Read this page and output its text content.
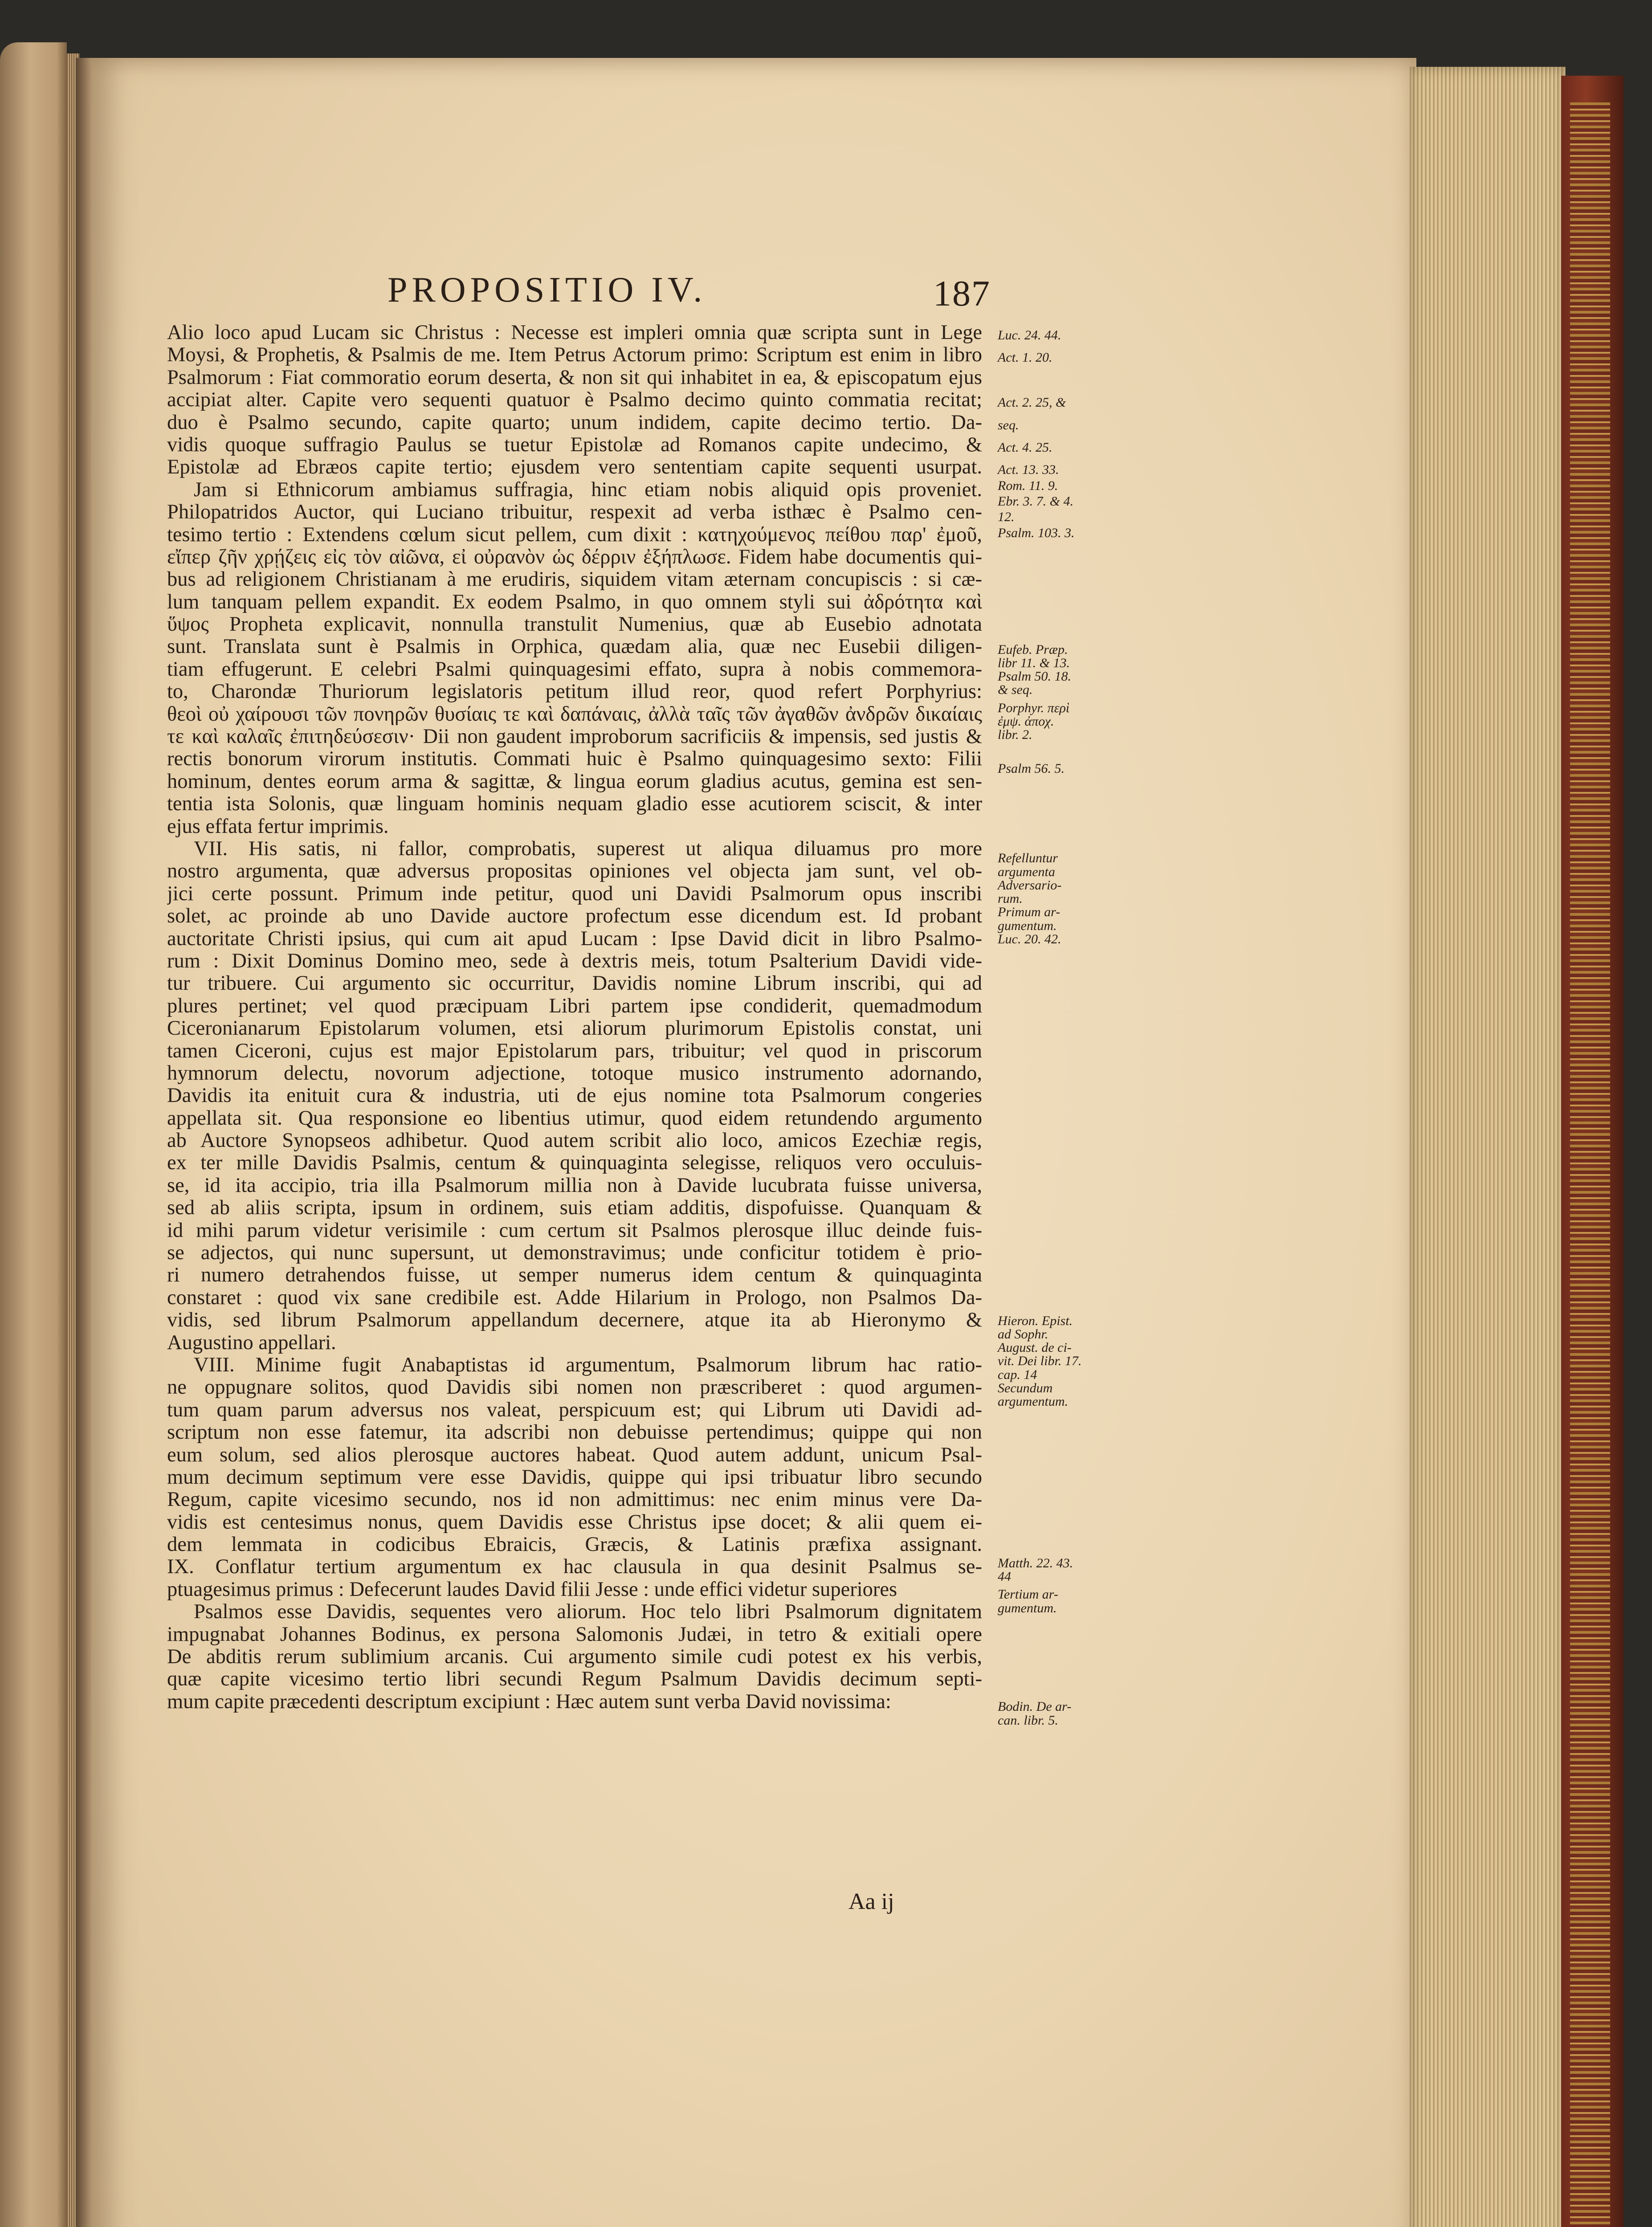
PROPOSITIO IV.	187
Alio loco apud Lucam sic Christus : Necesse est impleri omnia quæ scripta sunt in Lege
Moysi, & Prophetis, & Psalmis de me. Item Petrus Actorum primo: Scriptum est enim in libro
Psalmorum : Fiat commoratio eorum deserta, & non sit qui inhabitet in ea, & episcopatum ejus
accipiat alter. Capite vero sequenti quatuor è Psalmo decimo quinto commatia recitat;
duo è Psalmo secundo, capite quarto; unum indidem, capite decimo tertio. Da-
vidis quoque suffragio Paulus se tuetur Epistolæ ad Romanos capite undecimo, &
Epistolæ ad Ebræos capite tertio; ejusdem vero sententiam capite sequenti usurpat.
Jam si Ethnicorum ambiamus suffragia, hinc etiam nobis aliquid opis proveniet.
Philopatridos Auctor, qui Luciano tribuitur, respexit ad verba isthæc è Psalmo cen-
tesimo tertio : Extendens cœlum sicut pellem, cum dixit : κατηχούμενος πείθου παρ' ἐμοῦ,
εἴπερ ζῆν χρῄζεις εἰς τὸν αἰῶνα, εἰ οὐρανὸν ὡς δέρριν ἐξήπλωσε. Fidem habe documentis qui-
bus ad religionem Christianam à me erudiris, siquidem vitam æternam concupiscis : si cæ-
lum tanquam pellem expandit. Ex eodem Psalmo, in quo omnem styli sui ἀδρότητα καὶ
ὕψος Propheta explicavit, nonnulla transtulit Numenius, quæ ab Eusebio adnotata
sunt. Translata sunt è Psalmis in Orphica, quædam alia, quæ nec Eusebii diligen-
tiam effugerunt. E celebri Psalmi quinquagesimi effato, supra à nobis commemora-
to, Charondæ Thuriorum legislatoris petitum illud reor, quod refert Porphyrius:
θεοὶ οὐ χαίρουσι τῶν πονηρῶν θυσίαις τε καὶ δαπάναις, ἀλλὰ ταῖς τῶν ἀγαθῶν ἀνδρῶν δικαίαις
τε καὶ καλαῖς ἐπιτηδεύσεσιν· Dii non gaudent improborum sacrificiis & impensis, sed justis &
rectis bonorum virorum institutis. Commati huic è Psalmo quinquagesimo sexto: Filii
hominum, dentes eorum arma & sagittæ, & lingua eorum gladius acutus, gemina est sen-
tentia ista Solonis, quæ linguam hominis nequam gladio esse acutiorem sciscit, & inter
ejus effata fertur imprimis.
VII. His satis, ni fallor, comprobatis, superest ut aliqua diluamus pro more
nostro argumenta, quæ adversus propositas opiniones vel objecta jam sunt, vel ob-
jici certe possunt. Primum inde petitur, quod uni Davidi Psalmorum opus inscribi
solet, ac proinde ab uno Davide auctore profectum esse dicendum est. Id probant
auctoritate Christi ipsius, qui cum ait apud Lucam : Ipse David dicit in libro Psalmo-
rum : Dixit Dominus Domino meo, sede à dextris meis, totum Psalterium Davidi vide-
tur tribuere. Cui argumento sic occurritur, Davidis nomine Librum inscribi, qui ad
plures pertinet; vel quod præcipuam Libri partem ipse condiderit, quemadmodum
Ciceronianarum Epistolarum volumen, etsi aliorum plurimorum Epistolis constat, uni
tamen Ciceroni, cujus est major Epistolarum pars, tribuitur; vel quod in priscorum
hymnorum delectu, novorum adjectione, totoque musico instrumento adornando,
Davidis ita enituit cura & industria, uti de ejus nomine tota Psalmorum congeries
appellata sit. Qua responsione eo libentius utimur, quod eidem retundendo argumento
ab Auctore Synopseos adhibetur. Quod autem scribit alio loco, amicos Ezechiæ regis,
ex ter mille Davidis Psalmis, centum & quinquaginta selegisse, reliquos vero occuluis-
se, id ita accipio, tria illa Psalmorum millia non à Davide lucubrata fuisse universa,
sed ab aliis scripta, ipsum in ordinem, suis etiam additis, dispofuisse. Quanquam &
id mihi parum videtur verisimile : cum certum sit Psalmos plerosque illuc deinde fuis-
se adjectos, qui nunc supersunt, ut demonstravimus; unde conficitur totidem è prio-
ri numero detrahendos fuisse, ut semper numerus idem centum & quinquaginta
constaret : quod vix sane credibile est. Adde Hilarium in Prologo, non Psalmos Da-
vidis, sed librum Psalmorum appellandum decernere, atque ita ab Hieronymo &
Augustino appellari.
VIII. Minime fugit Anabaptistas id argumentum, Psalmorum librum hac ratio-
ne oppugnare solitos, quod Davidis sibi nomen non præscriberet : quod argumen-
tum quam parum adversus nos valeat, perspicuum est; qui Librum uti Davidi ad-
scriptum non esse fatemur, ita adscribi non debuisse pertendimus; quippe qui non
eum solum, sed alios plerosque auctores habeat. Quod autem addunt, unicum Psal-
mum decimum septimum vere esse Davidis, quippe qui ipsi tribuatur libro secundo
Regum, capite vicesimo secundo, nos id non admittimus: nec enim minus vere Da-
vidis est centesimus nonus, quem Davidis esse Christus ipse docet; & alii quem ei-
dem lemmata in codicibus Ebraicis, Græcis, & Latinis præfixa assignant.
IX. Conflatur tertium argumentum ex hac clausula in qua desinit Psalmus se-
ptuagesimus primus : Defecerunt laudes David filii Jesse : unde effici videtur superiores
Psalmos esse Davidis, sequentes vero aliorum. Hoc telo libri Psalmorum dignitatem
impugnabat Johannes Bodinus, ex persona Salomonis Judæi, in tetro & exitiali opere
De abditis rerum sublimium arcanis. Cui argumento simile cudi potest ex his verbis,
quæ capite vicesimo tertio libri secundi Regum Psalmum Davidis decimum septi-
mum capite præcedenti descriptum excipiunt : Hæc autem sunt verba David novissima:
Luc. 24. 44.
Act. 1. 20.
Act. 2. 25, &
seq.
Act. 4. 25.
Act. 13. 33.
Rom. 11. 9.
Ebr. 3. 7. & 4.
12.
Psalm. 103. 3.
Eufeb. Præp.
libr 11. & 13.
Psalm 50. 18.
& seq.
Porphyr. περὶ
ἐμψ. ἀποχ.
libr. 2.
Psalm 56. 5.
Refelluntur
argumenta
Adversario-
rum.
Primum ar-
gumentum.
Luc. 20. 42.
Hieron. Epist.
ad Sophr.
August. de ci-
vit. Dei libr. 17.
cap. 14
Secundum
argumentum.
Matth. 22. 43.
44
Tertium ar-
gumentum.
Bodin. De ar-
can. libr. 5.
Aa ij
